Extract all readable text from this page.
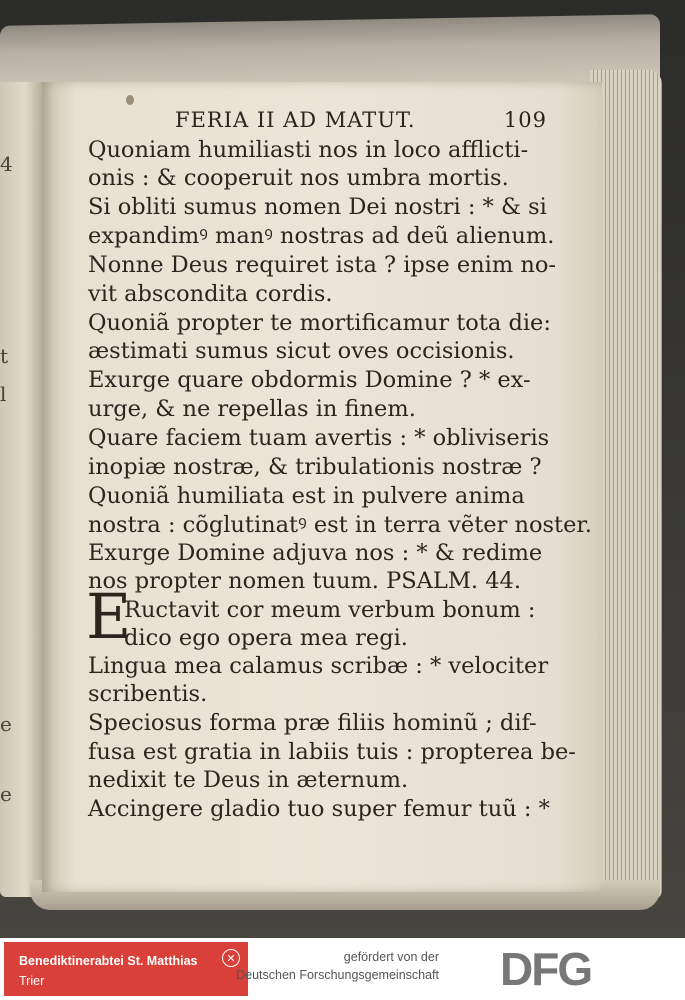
4
t
l
e
e
FERIA II AD MATUT.	109
Quoniam humiliasti nos in loco afflicti-
onis : & cooperuit nos umbra mortis.
Si obliti sumus nomen Dei nostri : * & si
expandimꝰ manꝰ nostras ad deũ alienum.
Nonne Deus requiret ista ? ipse enim no-
vit abscondita cordis.
Quoniã propter te mortificamur tota die:
æstimati sumus sicut oves occisionis.
Exurge quare obdormis Domine ? * ex-
urge, & ne repellas in finem.
Quare faciem tuam avertis : * obliviseris
inopiæ nostræ, & tribulationis nostræ ?
Quoniã humiliata est in pulvere anima
nostra : cõglutinatꝰ est in terra vẽter noster.
Exurge Domine adjuva nos : * & redime
nos propter nomen tuum. PSALM. 44.
Ructavit cor meum verbum bonum :
dico ego opera mea regi.
Lingua mea calamus scribæ : * velociter
scribentis.
Speciosus forma præ filiis hominũ ; dif-
fusa est gratia in labiis tuis : propterea be-
nedixit te Deus in æternum.
Accingere gladio tuo super femur tuũ : *
E
Benediktinerabtei St. Matthias
Trier
✕	gefördert von der
Deutschen Forschungsgemeinschaft DFG
